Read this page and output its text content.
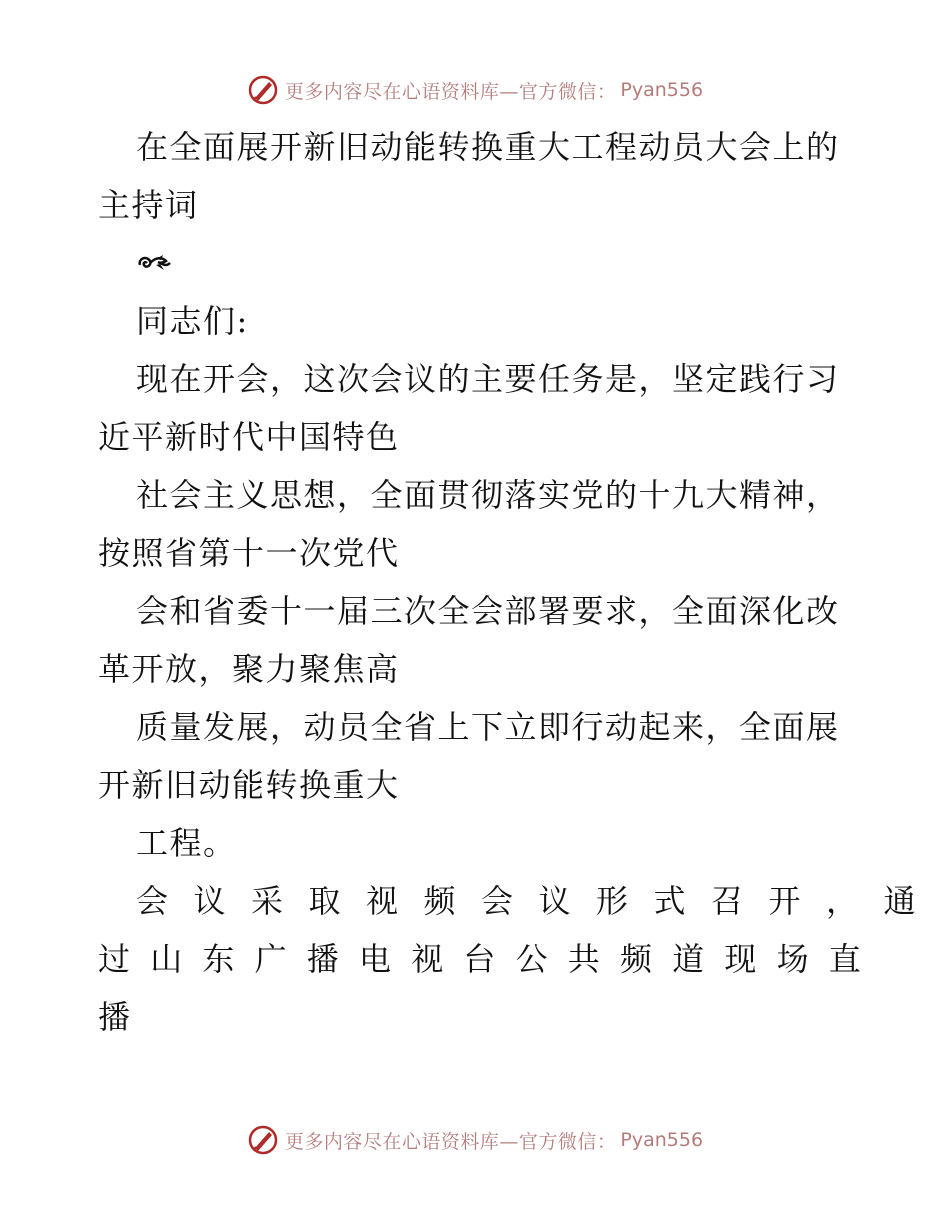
更多内容尽在心语资料库—官方微信： Pyan556

在全面展开新旧动能转换重大工程动员大会上的

主持词

同志们:

现在开会，这次会议的主要任务是，坚定践行习

近平新时代中国特色

社会主义思想，全面贯彻落实党的十九大精神，

按照省第十一次党代

会和省委十一届三次全会部署要求，全面深化改

革开放，聚力聚焦高

质量发展，动员全省上下立即行动起来，全面展

开新旧动能转换重大

工程。

会议采取视频会议形式召开，通

过山东广播电视台公共频道现场直

播

更多内容尽在心语资料库—官方微信： Pyan556
